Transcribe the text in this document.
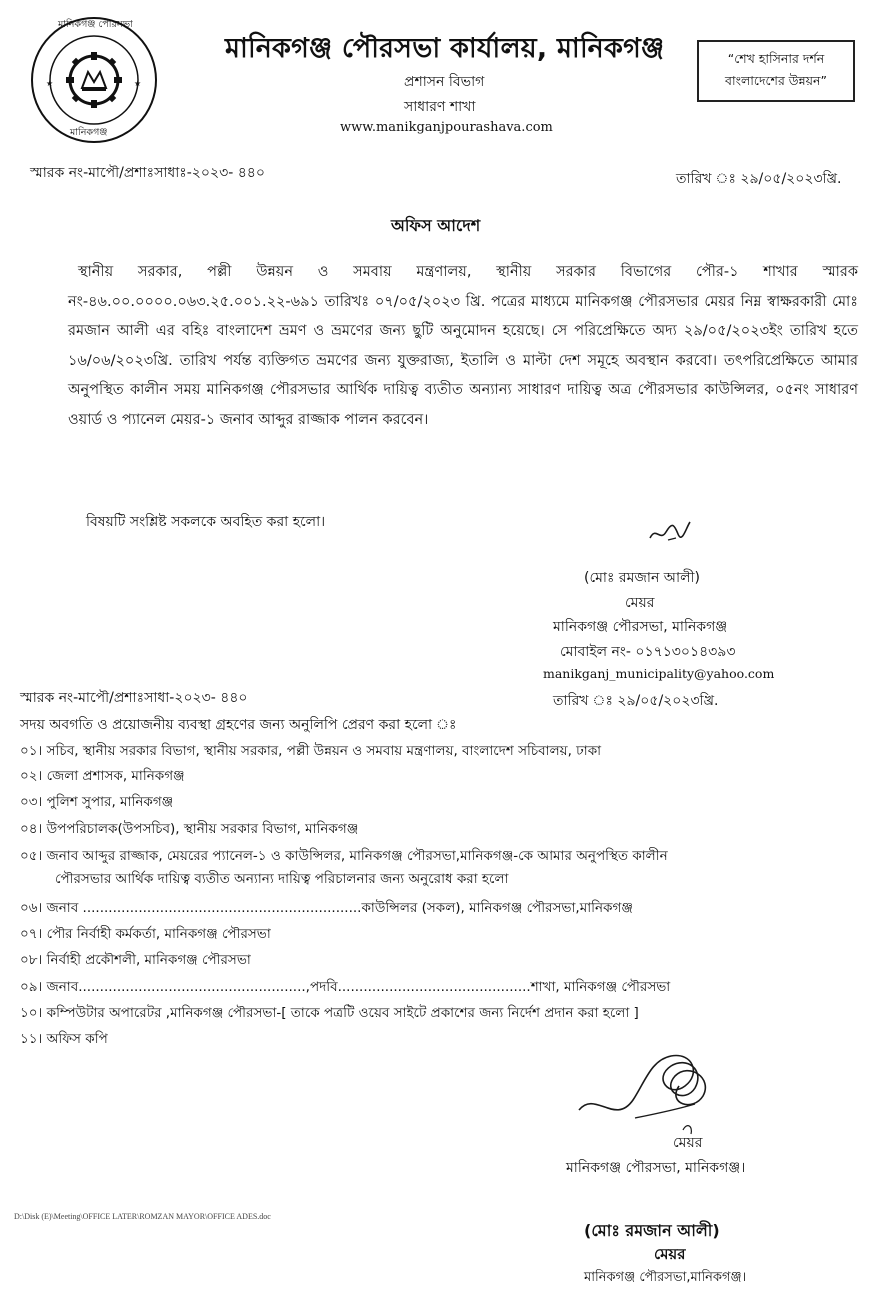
★	★
মানিকগঞ্জ পৌরসভা
মানিকগঞ্জ
মানিকগঞ্জ পৌরসভা কার্যালয়, মানিকগঞ্জ
প্রশাসন বিভাগ
সাধারণ শাখা
www.manikganjpourashava.com
“শেখ হাসিনার দর্শন
বাংলাদেশের উন্নয়ন”
স্মারক নং-মাপৌ/প্রশাঃসাধাঃ-২০২৩- ৪৪০	তারিখ ঃ ২৯/০৫/২০২৩খ্রি.
অফিস আদেশ

স্থানীয় সরকার, পল্লী উন্নয়ন ও সমবায় মন্ত্রণালয়, স্থানীয় সরকার বিভাগের পৌর-১ শাখার স্মারক নং-৪৬.০০.০০০০.০৬৩.২৫.০০১.২২-৬৯১ তারিখঃ ০৭/০৫/২০২৩ খ্রি. পত্রের মাধ্যমে মানিকগঞ্জ পৌরসভার মেয়র নিম্ন স্বাক্ষরকারী মোঃ রমজান আলী এর বহিঃ বাংলাদেশ ভ্রমণ ও ভ্রমণের জন্য ছুটি অনুমোদন হয়েছে। সে পরিপ্রেক্ষিতে অদ্য ২৯/০৫/২০২৩ইং তারিখ হতে ১৬/০৬/২০২৩খ্রি. তারিখ পর্যন্ত ব্যক্তিগত ভ্রমণের জন্য যুক্তরাজ্য, ইতালি ও মাল্টা দেশ সমূহে অবস্থান করবো। তৎপরিপ্রেক্ষিতে আমার অনুপস্থিত কালীন সময় মানিকগঞ্জ পৌরসভার আর্থিক দায়িত্ব ব্যতীত অন্যান্য সাধারণ দায়িত্ব অত্র পৌরসভার কাউন্সিলর, ০৫নং সাধারণ ওয়ার্ড ও প্যানেল মেয়র-১ জনাব আব্দুর রাজ্জাক পালন করবেন।

বিষয়টি সংশ্লিষ্ট সকলকে অবহিত করা হলো।
(মোঃ রমজান আলী)
মেয়র
মানিকগঞ্জ পৌরসভা, মানিকগঞ্জ
মোবাইল নং- ০১৭১৩০১৪৩৯৩
manikganj_municipality@yahoo.com
স্মারক নং-মাপৌ/প্রশাঃসাধা-২০২৩- ৪৪০	তারিখ ঃ ২৯/০৫/২০২৩খ্রি.
সদয় অবগতি ও প্রয়োজনীয় ব্যবস্থা গ্রহণের জন্য অনুলিপি প্রেরণ করা হলো ঃ
০১। সচিব, স্থানীয় সরকার বিভাগ, স্থানীয় সরকার, পল্লী উন্নয়ন ও সমবায় মন্ত্রণালয়, বাংলাদেশ সচিবালয়, ঢাকা
০২। জেলা প্রশাসক, মানিকগঞ্জ
০৩। পুলিশ সুপার, মানিকগঞ্জ
০৪। উপপরিচালক(উপসচিব), স্থানীয় সরকার বিভাগ, মানিকগঞ্জ
০৫। জনাব আব্দুর রাজ্জাক, মেয়রের প্যানেল-১ ও কাউন্সিলর, মানিকগঞ্জ পৌরসভা,মানিকগঞ্জ-কে আমার অনুপস্থিত কালীন
পৌরসভার আর্থিক দায়িত্ব ব্যতীত অন্যান্য দায়িত্ব পরিচালনার জন্য অনুরোধ করা হলো
০৬। জনাব .................................................................কাউন্সিলর (সকল), মানিকগঞ্জ পৌরসভা,মানিকগঞ্জ
০৭। পৌর নির্বাহী কর্মকর্তা, মানিকগঞ্জ পৌরসভা
০৮। নির্বাহী প্রকৌশলী, মানিকগঞ্জ পৌরসভা
০৯। জনাব.....................................................,পদবি.............................................শাখা, মানিকগঞ্জ পৌরসভা
১০। কম্পিউটার অপারেটর ,মানিকগঞ্জ পৌরসভা-[ তাকে পত্রটি ওয়েব সাইটে প্রকাশের জন্য নির্দেশ প্রদান করা হলো ]
১১। অফিস কপি
মেয়র
মানিকগঞ্জ পৌরসভা, মানিকগঞ্জ।
D:\Disk (E)\Meeting\OFFICE LATER\ROMZAN MAYOR\OFFICE ADES.doc
(মোঃ রমজান আলী)
মেয়র
মানিকগঞ্জ পৌরসভা,মানিকগঞ্জ।
